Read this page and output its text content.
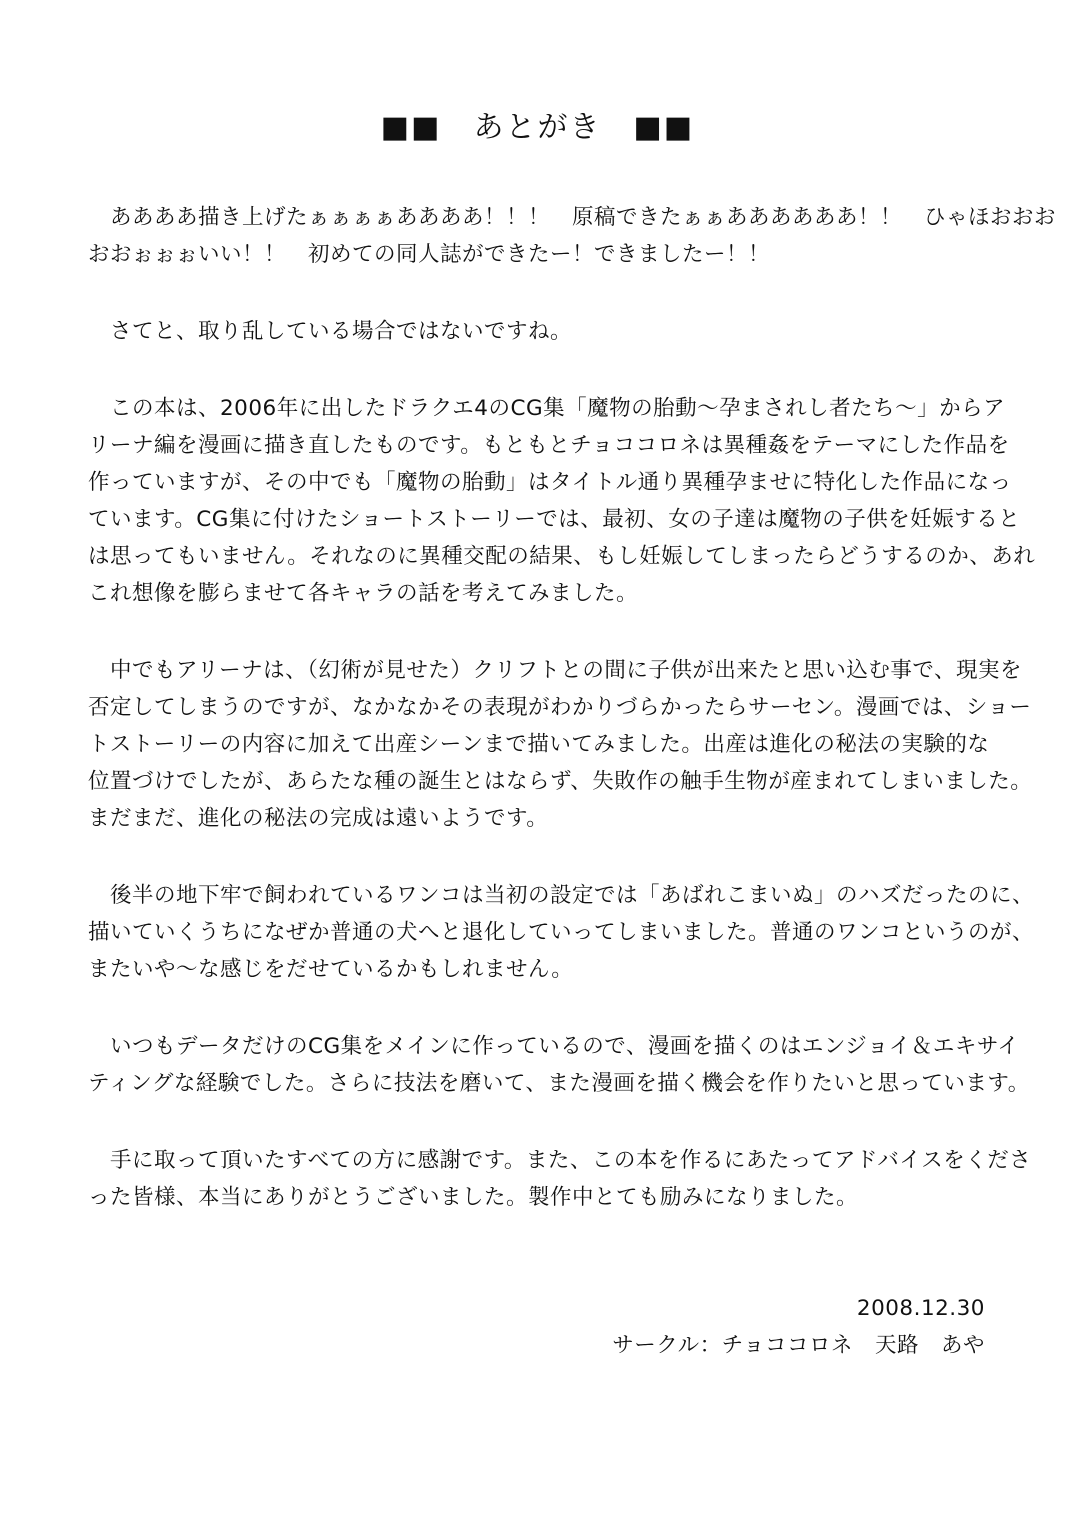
■■　あとがき　■■

　ああああ描き上げたぁぁぁぁああああ！！！　原稿できたぁぁああああああ！！　ひゃほおおお

おおぉぉぉいい！！　初めての同人誌ができたー！できましたー！！

　さてと、取り乱している場合ではないですね。

　この本は、2006年に出したドラクエ4のCG集「魔物の胎動～孕まされし者たち～」からア

リーナ編を漫画に描き直したものです。もともとチョココロネは異種姦をテーマにした作品を

作っていますが、その中でも「魔物の胎動」はタイトル通り異種孕ませに特化した作品になっ

ています。CG集に付けたショートストーリーでは、最初、女の子達は魔物の子供を妊娠すると

は思ってもいません。それなのに異種交配の結果、もし妊娠してしまったらどうするのか、あれ

これ想像を膨らませて各キャラの話を考えてみました。

　中でもアリーナは、（幻術が見せた）クリフトとの間に子供が出来たと思い込む事で、現実を

否定してしまうのですが、なかなかその表現がわかりづらかったらサーセン。漫画では、ショー

トストーリーの内容に加えて出産シーンまで描いてみました。出産は進化の秘法の実験的な

位置づけでしたが、あらたな種の誕生とはならず、失敗作の触手生物が産まれてしまいました。

まだまだ、進化の秘法の完成は遠いようです。

　後半の地下牢で飼われているワンコは当初の設定では「あばれこまいぬ」のハズだったのに、

描いていくうちになぜか普通の犬へと退化していってしまいました。普通のワンコというのが、

またいや～な感じをだせているかもしれません。

　いつもデータだけのCG集をメインに作っているので、漫画を描くのはエンジョイ＆エキサイ

ティングな経験でした。さらに技法を磨いて、また漫画を描く機会を作りたいと思っています。

　手に取って頂いたすべての方に感謝です。また、この本を作るにあたってアドバイスをくださ

った皆様、本当にありがとうございました。製作中とても励みになりました。

2008.12.30

サークル：チョココロネ　天路　あや
